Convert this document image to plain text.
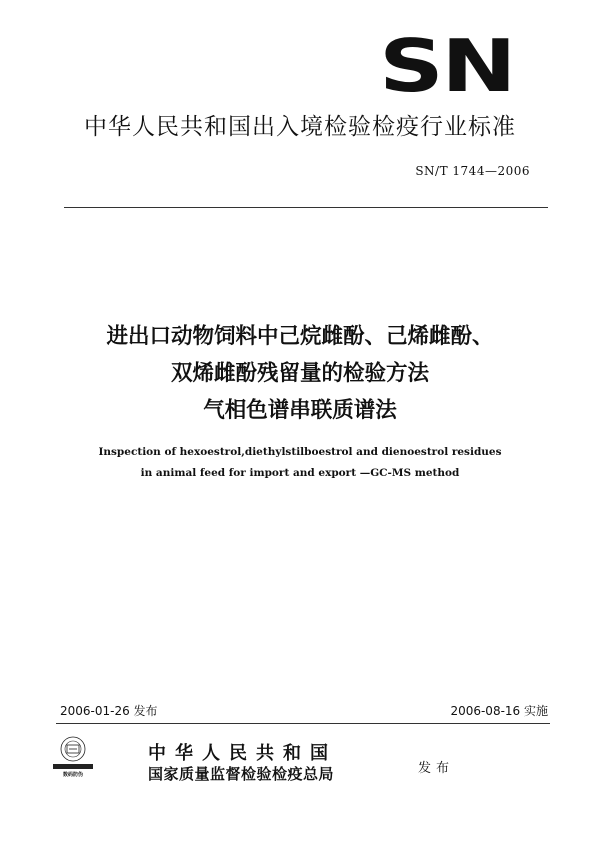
SN
中华人民共和国出入境检验检疫行业标准
SN/T 1744—2006
进出口动物饲料中己烷雌酚、己烯雌酚、
双烯雌酚残留量的检验方法
气相色谱串联质谱法
Inspection of hexoestrol,diethylstilboestrol and dienoestrol residues
in animal feed for import and export —GC-MS method
2006-01-26 发布	2006-08-16 实施
数码防伪
中华人民共和国
国家质量监督检验检疫总局	发布
